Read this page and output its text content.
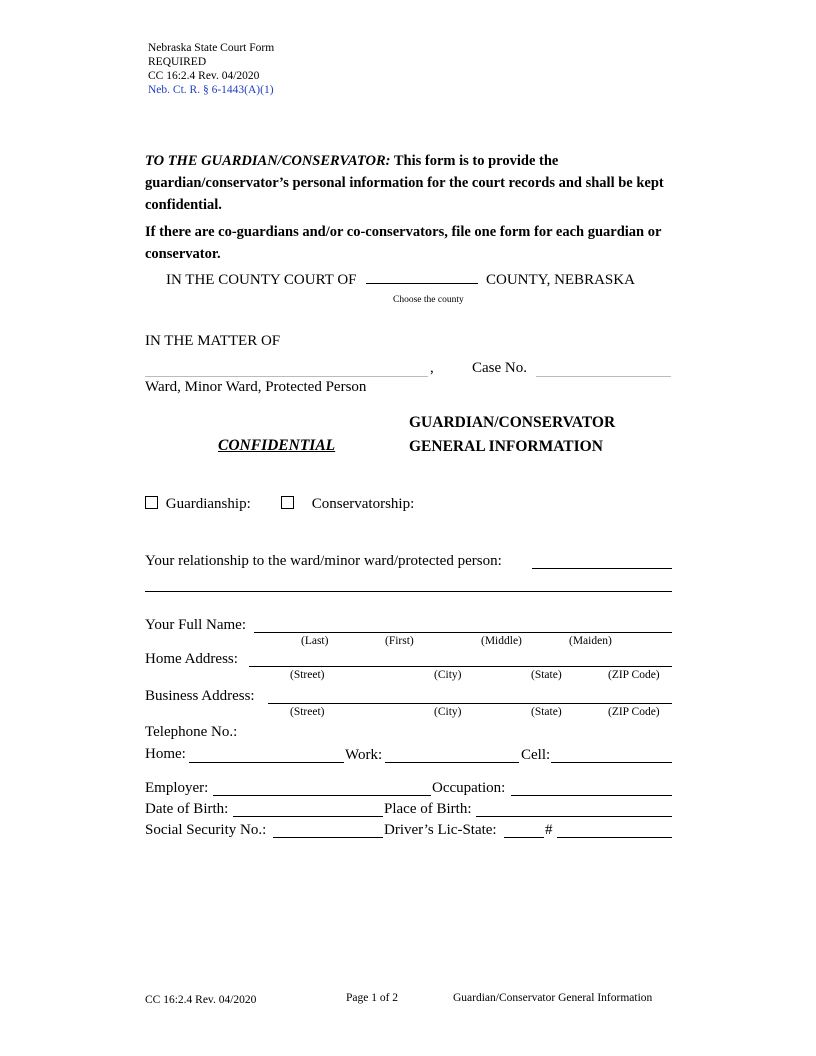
Nebraska State Court Form
REQUIRED
CC 16:2.4 Rev. 04/2020
Neb. Ct. R. § 6-1443(A)(1)
TO THE GUARDIAN/CONSERVATOR: This form is to provide the guardian/conservator’s personal information for the court records and shall be kept confidential.
If there are co-guardians and/or co-conservators, file one form for each guardian or conservator.
IN THE COUNTY COURT OF	COUNTY, NEBRASKA
Choose the county
IN THE MATTER OF
,	Case No.
Ward, Minor Ward, Protected Person
GUARDIAN/CONSERVATOR
GENERAL INFORMATION
CONFIDENTIAL
Guardianship:	Conservatorship:
Your relationship to the ward/minor ward/protected person:
Your Full Name:
(Last)	(First)	(Middle)	(Maiden)
Home Address:
(Street)	(City)	(State)	(ZIP Code)
Business Address:
(Street)	(City)	(State)	(ZIP Code)
Telephone No.:
Home:	Work:	Cell:
Employer:	Occupation:
Date of Birth:	Place of Birth:
Social Security No.:	Driver’s Lic-State:	#
CC 16:2.4 Rev. 04/2020	Page 1 of 2	Guardian/Conservator General Information
